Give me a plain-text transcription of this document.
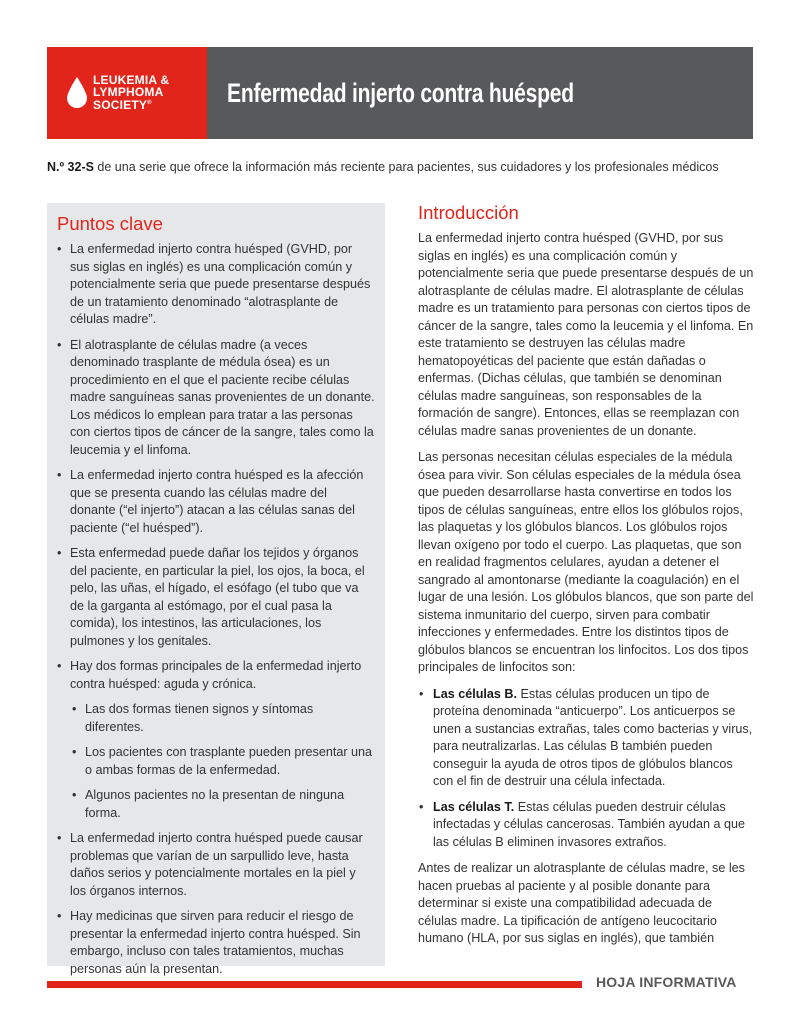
LEUKEMIA &
LYMPHOMA
SOCIETY®	Enfermedad injerto contra huésped
N.º 32-S de una serie que ofrece la información más reciente para pacientes, sus cuidadores y los profesionales médicos
Puntos clave
• La enfermedad injerto contra huésped (GVHD, por sus siglas en inglés) es una complicación común y potencialmente seria que puede presentarse después de un tratamiento denominado “alotrasplante de células madre”.
• El alotrasplante de células madre (a veces denominado trasplante de médula ósea) es un procedimiento en el que el paciente recibe células madre sanguíneas sanas provenientes de un donante. Los médicos lo emplean para tratar a las personas con ciertos tipos de cáncer de la sangre, tales como la leucemia y el linfoma.
• La enfermedad injerto contra huésped es la afección que se presenta cuando las células madre del donante (“el injerto”) atacan a las células sanas del paciente (“el huésped”).
• Esta enfermedad puede dañar los tejidos y órganos del paciente, en particular la piel, los ojos, la boca, el pelo, las uñas, el hígado, el esófago (el tubo que va de la garganta al estómago, por el cual pasa la comida), los intestinos, las articulaciones, los pulmones y los genitales.
• Hay dos formas principales de la enfermedad injerto contra huésped: aguda y crónica.
• Las dos formas tienen signos y síntomas diferentes.
• Los pacientes con trasplante pueden presentar una o ambas formas de la enfermedad.
• Algunos pacientes no la presentan de ninguna forma.
• La enfermedad injerto contra huésped puede causar problemas que varían de un sarpullido leve, hasta daños serios y potencialmente mortales en la piel y los órganos internos.
• Hay medicinas que sirven para reducir el riesgo de presentar la enfermedad injerto contra huésped. Sin embargo, incluso con tales tratamientos, muchas personas aún la presentan.
Introducción

La enfermedad injerto contra huésped (GVHD, por sus siglas en inglés) es una complicación común y potencialmente seria que puede presentarse después de un alotrasplante de células madre. El alotrasplante de células madre es un tratamiento para personas con ciertos tipos de cáncer de la sangre, tales como la leucemia y el linfoma. En este tratamiento se destruyen las células madre hematopoyéticas del paciente que están dañadas o enfermas. (Dichas células, que también se denominan células madre sanguíneas, son responsables de la formación de sangre). Entonces, ellas se reemplazan con células madre sanas provenientes de un donante.

Las personas necesitan células especiales de la médula ósea para vivir. Son células especiales de la médula ósea que pueden desarrollarse hasta convertirse en todos los tipos de células sanguíneas, entre ellos los glóbulos rojos, las plaquetas y los glóbulos blancos. Los glóbulos rojos llevan oxígeno por todo el cuerpo. Las plaquetas, que son en realidad fragmentos celulares, ayudan a detener el sangrado al amontonarse (mediante la coagulación) en el lugar de una lesión. Los glóbulos blancos, que son parte del sistema inmunitario del cuerpo, sirven para combatir infecciones y enfermedades. Entre los distintos tipos de glóbulos blancos se encuentran los linfocitos. Los dos tipos principales de linfocitos son:

• Las células B. Estas células producen un tipo de proteína denominada “anticuerpo”. Los anticuerpos se unen a sustancias extrañas, tales como bacterias y virus, para neutralizarlas. Las células B también pueden conseguir la ayuda de otros tipos de glóbulos blancos con el fin de destruir una célula infectada.
• Las células T. Estas células pueden destruir células infectadas y células cancerosas. También ayudan a que las células B eliminen invasores extraños.

Antes de realizar un alotrasplante de células madre, se les hacen pruebas al paciente y al posible donante para determinar si existe una compatibilidad adecuada de células madre. La tipificación de antígeno leucocitario humano (HLA, por sus siglas en inglés), que también

HOJA INFORMATIVA
